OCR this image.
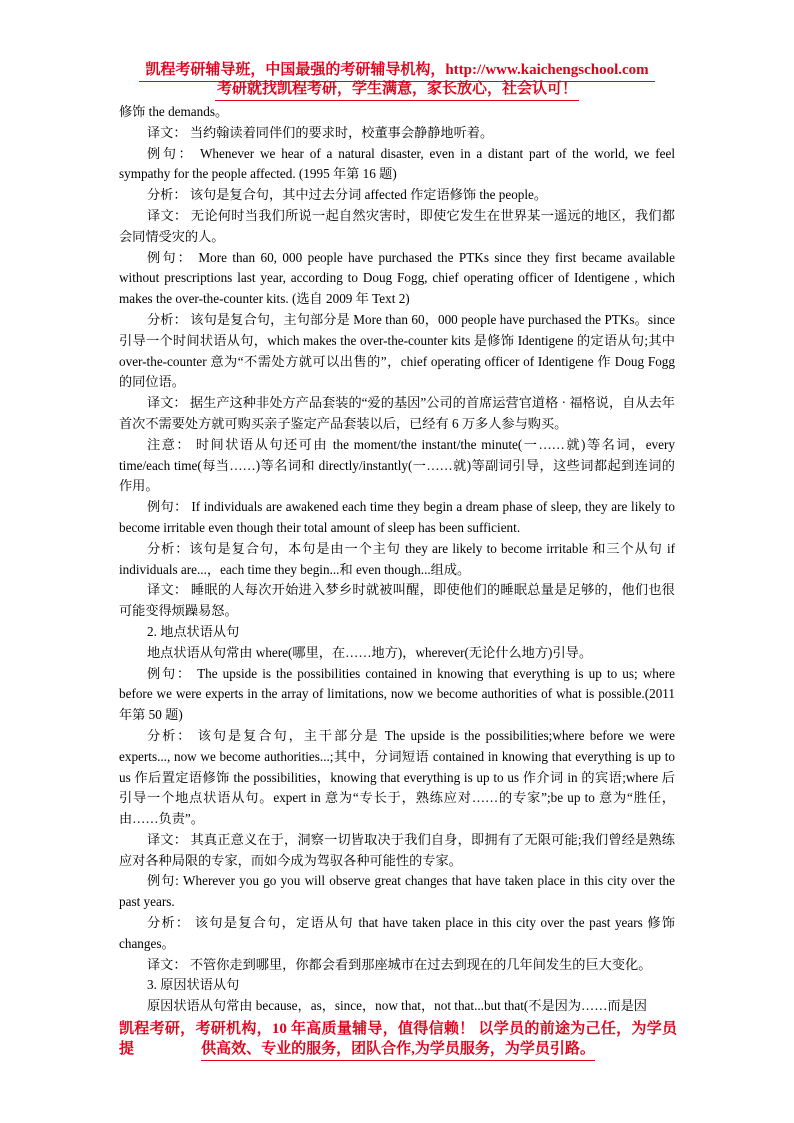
凯程考研辅导班，中国最强的考研辅导机构，http://www.kaichengschool.com
考研就找凯程考研，学生满意，家长放心，社会认可！

修饰 the demands。

译文： 当约翰读着同伴们的要求时，校董事会静静地听着。

例句： Whenever we hear of a natural disaster, even in a distant part of the world, we feel sympathy for the people affected. (1995 年第 16 题)

分析： 该句是复合句，其中过去分词 affected 作定语修饰 the people。

译文： 无论何时当我们所说一起自然灾害时，即使它发生在世界某一遥远的地区，我们都会同情受灾的人。

例句： More than 60, 000 people have purchased the PTKs since they first became available without prescriptions last year, according to Doug Fogg, chief operating officer of Identigene , which makes the over-the-counter kits. (选自 2009 年 Text 2)

分析： 该句是复合句，主句部分是 More than 60，000 people have purchased the PTKs。since 引导一个时间状语从句，which makes the over-the-counter kits 是修饰 Identigene 的定语从句;其中 over-the-counter 意为“不需处方就可以出售的”，chief operating officer of Identigene 作 Doug Fogg 的同位语。

译文： 据生产这种非处方产品套装的“爱的基因”公司的首席运营官道格 · 福格说，自从去年首次不需要处方就可购买亲子鉴定产品套装以后，已经有 6 万多人参与购买。

注意： 时间状语从句还可由 the moment/the instant/the minute(一……就)等名词，every time/each time(每当……)等名词和 directly/instantly(一……就)等副词引导，这些词都起到连词的作用。

例句： If individuals are awakened each time they begin a dream phase of sleep, they are likely to become irritable even though their total amount of sleep has been sufficient.

分析：该句是复合句，本句是由一个主句 they are likely to become irritable 和三个从句 if individuals are...，each time they begin...和 even though...组成。

译文： 睡眠的人每次开始进入梦乡时就被叫醒，即使他们的睡眠总量是足够的，他们也很可能变得烦躁易怒。

2. 地点状语从句

地点状语从句常由 where(哪里，在……地方)，wherever(无论什么地方)引导。

例句： The upside is the possibilities contained in knowing that everything is up to us; where before we were experts in the array of limitations, now we become authorities of what is possible.(2011 年第 50 题)

分析： 该句是复合句，主干部分是 The upside is the possibilities;where before we were experts..., now we become authorities...;其中，分词短语 contained in knowing that everything is up to us 作后置定语修饰 the possibilities，knowing that everything is up to us 作介词 in 的宾语;where 后引导一个地点状语从句。expert in 意为“专长于，熟练应对……的专家”;be up to 意为“胜任，由……负责”。

译文： 其真正意义在于，洞察一切皆取决于我们自身，即拥有了无限可能;我们曾经是熟练应对各种局限的专家，而如今成为驾驭各种可能性的专家。

例句: Wherever you go you will observe great changes that have taken place in this city over the past years.

分析： 该句是复合句，定语从句 that have taken place in this city over the past years 修饰 changes。

译文： 不管你走到哪里，你都会看到那座城市在过去到现在的几年间发生的巨大变化。

3. 原因状语从句

原因状语从句常由 because，as，since，now that，not that...but that(不是因为……而是因

凯程考研，考研机构，10 年高质量辅导，值得信赖！ 以学员的前途为己任，为学员提	供高效、专业的服务，团队合作,为学员服务，为学员引路。
